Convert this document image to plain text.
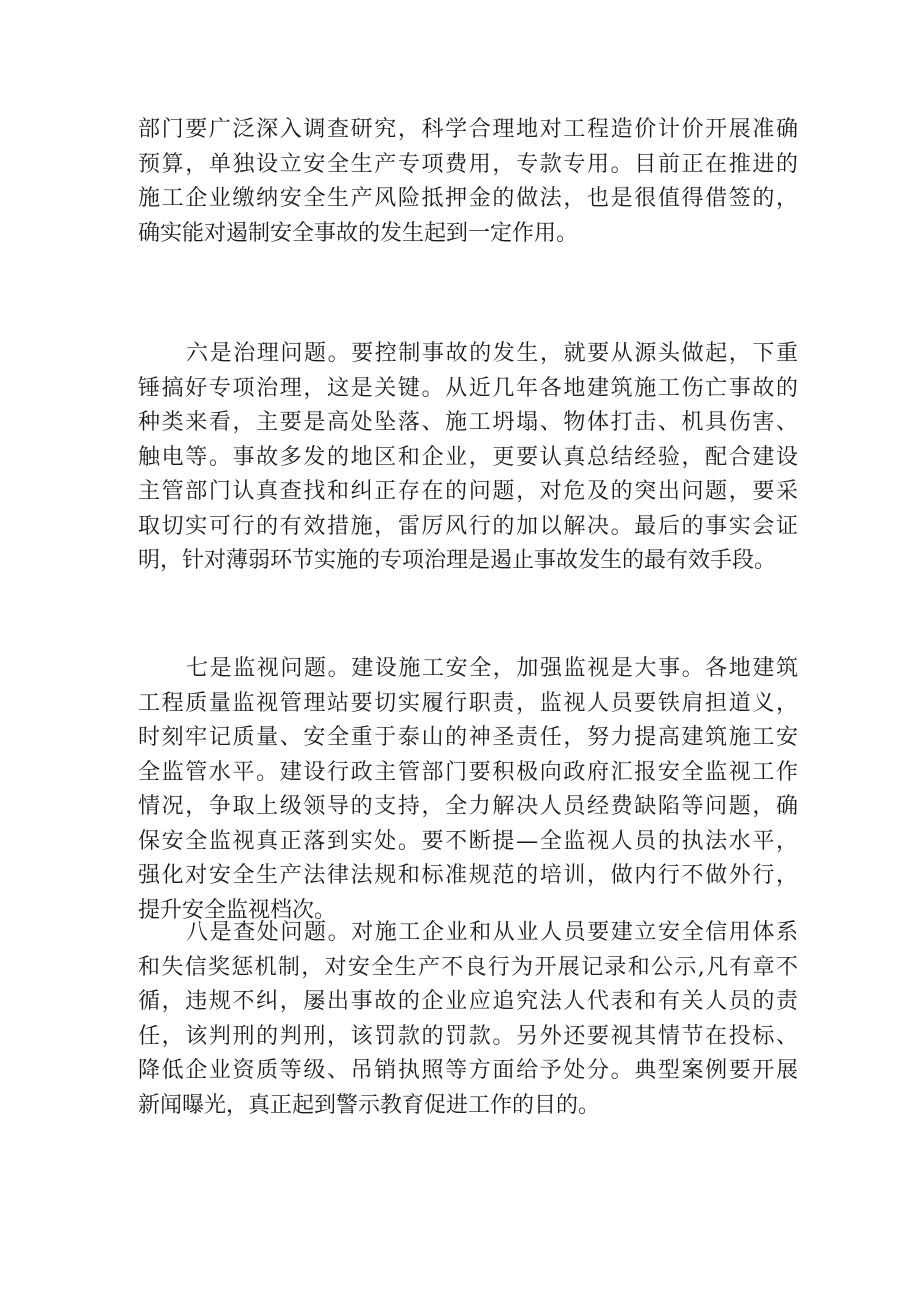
部门要广泛深入调查研究，科学合理地对工程造价计价开展准确
预算，单独设立安全生产专项费用，专款专用。目前正在推进的
施工企业缴纳安全生产风险抵押金的做法，也是很值得借签的，
确实能对遏制安全事故的发生起到一定作用。
六是治理问题。要控制事故的发生，就要从源头做起，下重
锤搞好专项治理，这是关键。从近几年各地建筑施工伤亡事故的
种类来看，主要是高处坠落、施工坍塌、物体打击、机具伤害、
触电等。事故多发的地区和企业，更要认真总结经验，配合建设
主管部门认真查找和纠正存在的问题，对危及的突出问题，要采
取切实可行的有效措施，雷厉风行的加以解决。最后的事实会证
明，针对薄弱环节实施的专项治理是遏止事故发生的最有效手段。
七是监视问题。建设施工安全，加强监视是大事。各地建筑
工程质量监视管理站要切实履行职责，监视人员要铁肩担道义，
时刻牢记质量、安全重于泰山的神圣责任，努力提高建筑施工安
全监管水平。建设行政主管部门要积极向政府汇报安全监视工作
情况，争取上级领导的支持，全力解决人员经费缺陷等问题，确
保安全监视真正落到实处。要不断提—全监视人员的执法水平，
强化对安全生产法律法规和标准规范的培训，做内行不做外行，
提升安全监视档次。
八是查处问题。对施工企业和从业人员要建立安全信用体系
和失信奖惩机制，对安全生产不良行为开展记录和公示,凡有章不
循，违规不纠，屡出事故的企业应追究法人代表和有关人员的责
任，该判刑的判刑，该罚款的罚款。另外还要视其情节在投标、
降低企业资质等级、吊销执照等方面给予处分。典型案例要开展
新闻曝光，真正起到警示教育促进工作的目的。
